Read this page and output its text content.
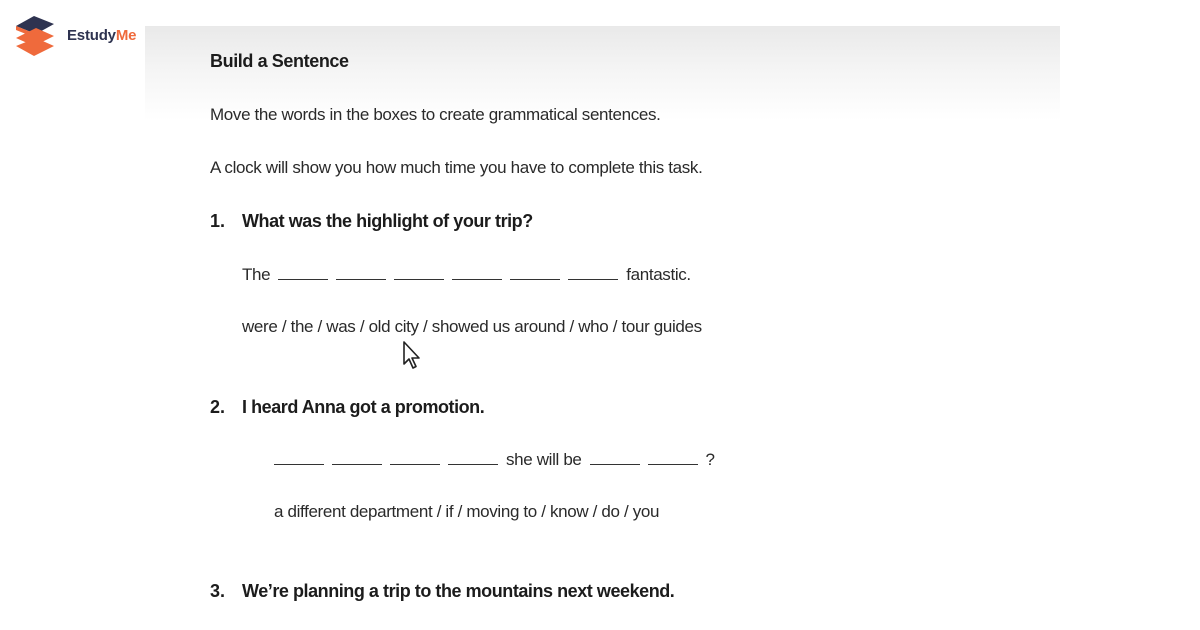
EstudyMe
Build a Sentence
Move the words in the boxes to create grammatical sentences.
A clock will show you how much time you have to complete this task.
1. What was the highlight of your trip?
The	fantastic.
were / the / was / old city / showed us around / who / tour guides
2. I heard Anna got a promotion.
she will be	?
a different department / if / moving to / know / do / you
3. We’re planning a trip to the mountains next weekend.
